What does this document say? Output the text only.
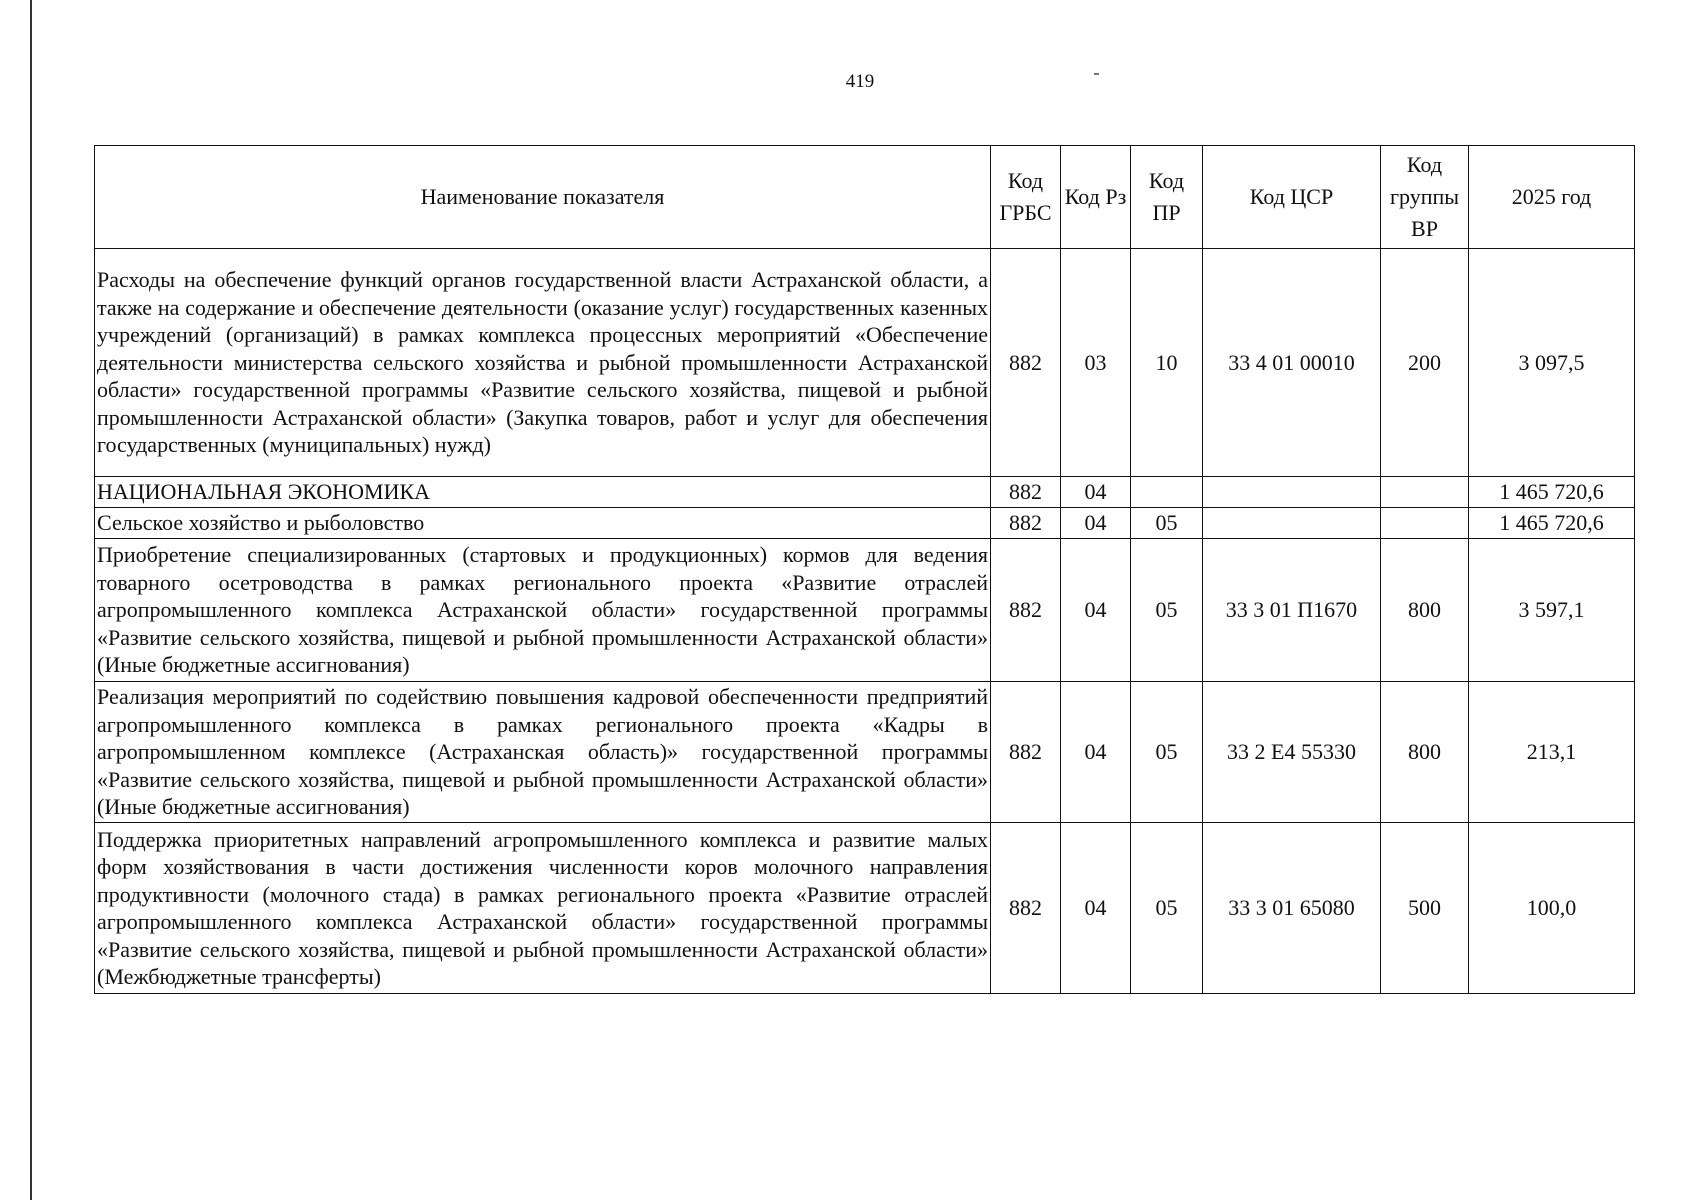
419
Наименование показателя	Код ГРБС	Код Рз	Код ПР	Код ЦСР	Код группы ВР	2025 год
Расходы на обеспечение функций органов государственной власти Астраханской области, а также на содержание и обеспечение деятельности (оказание услуг) государственных казенных учреждений (организаций) в рамках комплекса процессных мероприятий «Обеспечение деятельности министерства сельского хозяйства и рыбной промышленности Астраханской области» государственной программы «Развитие сельского хозяйства, пищевой и рыбной промышленности Астраханской области» (Закупка товаров, работ и услуг для обеспечения государственных (муниципальных) нужд)	882	03	10	33 4 01 00010	200	3 097,5
НАЦИОНАЛЬНАЯ ЭКОНОМИКА	882	04				1 465 720,6
Сельское хозяйство и рыболовство	882	04	05			1 465 720,6
Приобретение специализированных (стартовых и продукционных) кормов для ведения товарного осетроводства в рамках регионального проекта «Развитие отраслей агропромышленного комплекса Астраханской области» государственной программы «Развитие сельского хозяйства, пищевой и рыбной промышленности Астраханской области» (Иные бюджетные ассигнования)	882	04	05	33 3 01 П1670	800	3 597,1
Реализация мероприятий по содействию повышения кадровой обеспеченности предприятий агропромышленного комплекса в рамках регионального проекта «Кадры в агропромышленном комплексе (Астраханская область)» государственной программы «Развитие сельского хозяйства, пищевой и рыбной промышленности Астраханской области» (Иные бюджетные ассигнования)	882	04	05	33 2 E4 55330	800	213,1
Поддержка приоритетных направлений агропромышленного комплекса и развитие малых форм хозяйствования в части достижения численности коров молочного направления продуктивности (молочного стада) в рамках регионального проекта «Развитие отраслей агропромышленного комплекса Астраханской области» государственной программы «Развитие сельского хозяйства, пищевой и рыбной промышленности Астраханской области» (Межбюджетные трансферты)	882	04	05	33 3 01 65080	500	100,0
